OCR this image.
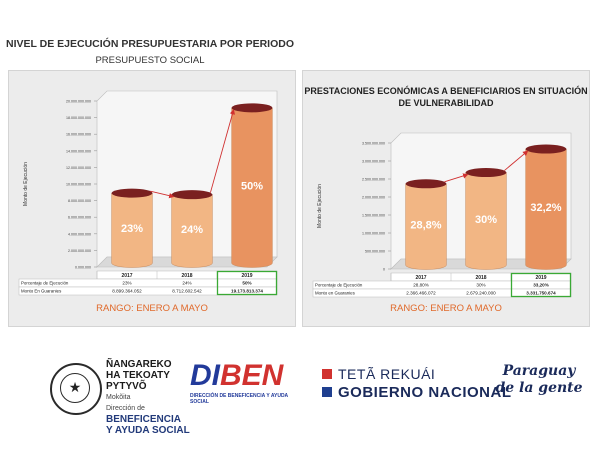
NIVEL DE EJECUCIÓN PRESUPUESTARIA POR PERIODO
PRESUPUESTO SOCIAL
0.000.000
2.000.000.000
4.000.000.000
6.000.000.000
8.000.000.000
10.000.000.000
12.000.000.000
14.000.000.000
16.000.000.000
18.000.000.000
20.000.000.000
Monto de Ejecución
23%	24%
50%
2017	2018	2019
Porcentaje de Ejecución	23%	24%	50%
Monto En Guaranies	8.899.364.052	8.712.602.542	19.173.813.374
RANGO: ENERO A MAYO
PRESTACIONES ECONÓMICAS A BENEFICIARIOS EN SITUACIÓN DE VULNERABILIDAD
0
500.000.000
1.000.000.000
1.500.000.000
2.000.000.000
2.500.000.000
3.000.000.000
3.500.000.000
Monto de Ejecución	28,8%	30%
32,2%
2017	2018	2019
Porcentaje de Ejecución	28,80%	30%	33,20%
Monto en Guaranies	2.366.466.072	2.679.240.000	3.331.750.674
RANGO: ENERO A MAYO
★
ÑANGAREKO
HA TEKOATY PYTYVÕ
Mokõita
Dirección de
BENEFICENCIA
Y AYUDA SOCIAL
DIBEN
DIRECCIÓN DE BENEFICENCIA Y AYUDA SOCIAL
TETÃ REKUÁI
GOBIERNO NACIONAL
Paraguay
de la gente
